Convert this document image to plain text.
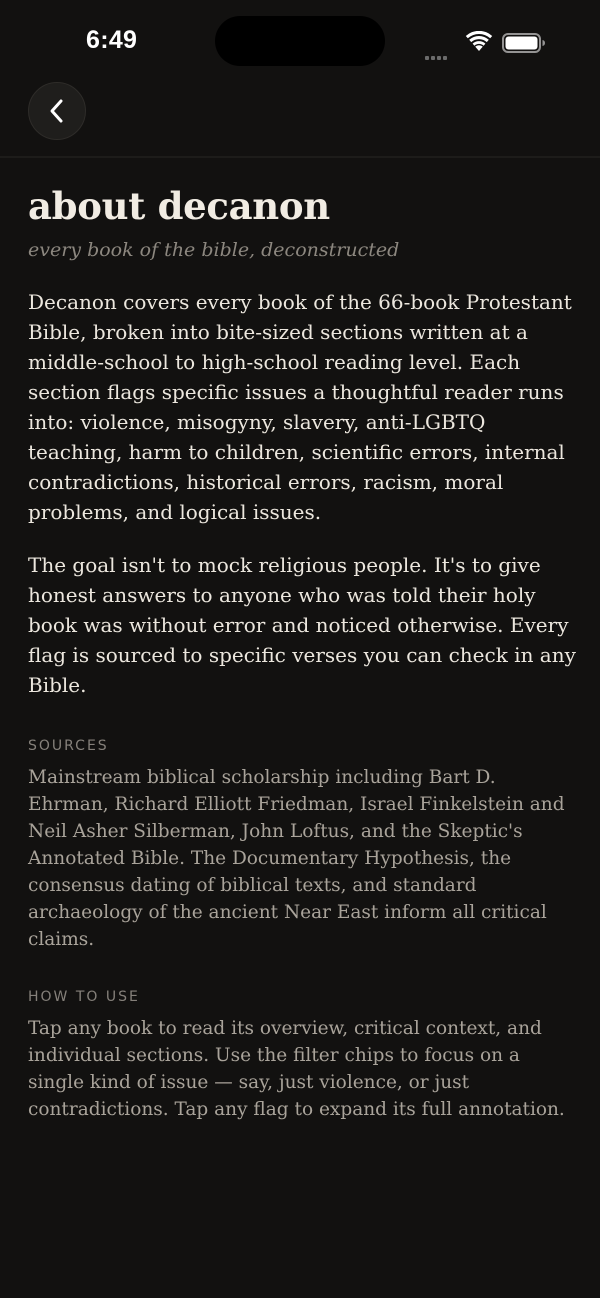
6:49
about decanon

every book of the bible, deconstructed

Decanon covers every book of the 66-book Protestant Bible, broken into bite-sized sections written at a middle-school to high-school reading level. Each section flags specific issues a thoughtful reader runs into: violence, misogyny, slavery, anti-LGBTQ teaching, harm to children, scientific errors, internal contradictions, historical errors, racism, moral problems, and logical issues.

The goal isn't to mock religious people. It's to give honest answers to anyone who was told their holy book was without error and noticed otherwise. Every flag is sourced to specific verses you can check in any Bible.

SOURCES

Mainstream biblical scholarship including Bart D. Ehrman, Richard Elliott Friedman, Israel Finkelstein and Neil Asher Silberman, John Loftus, and the Skeptic's Annotated Bible. The Documentary Hypothesis, the consensus dating of biblical texts, and standard archaeology of the ancient Near East inform all critical claims.

HOW TO USE

Tap any book to read its overview, critical context, and individual sections. Use the filter chips to focus on a single kind of issue — say, just violence, or just contradictions. Tap any flag to expand its full annotation.
